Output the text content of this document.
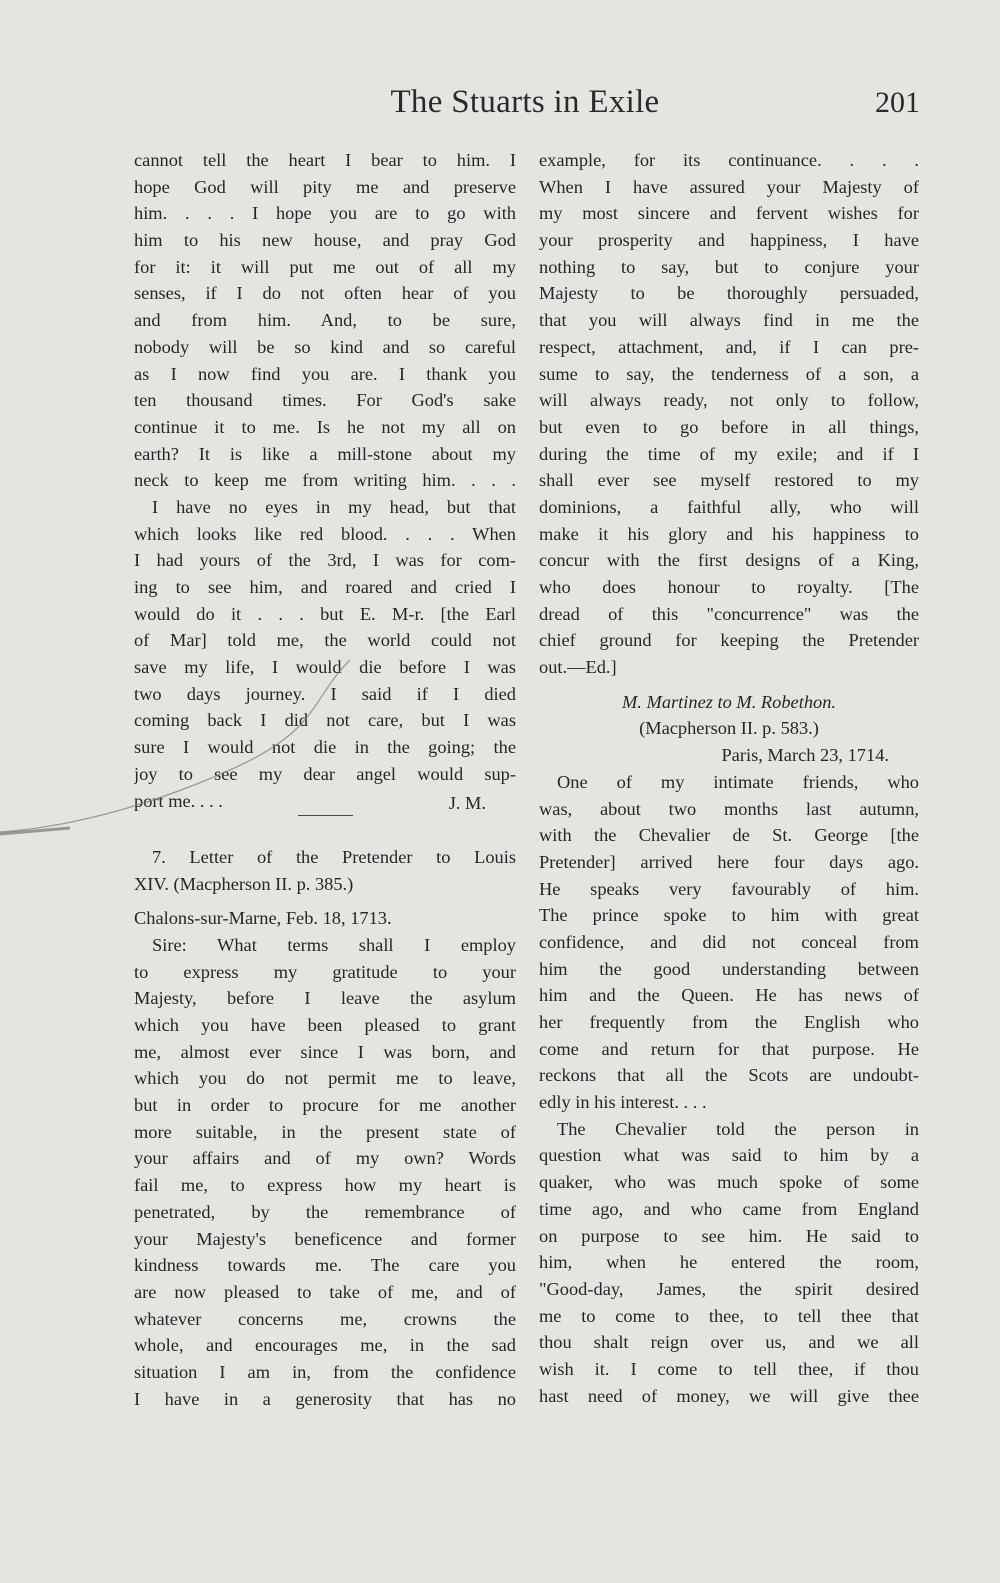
The Stuarts in Exile	201
cannot tell the heart I bear to him. I
hope God will pity me and preserve
him. . . . I hope you are to go with
him to his new house, and pray God
for it: it will put me out of all my
senses, if I do not often hear of you
and from him. And, to be sure,
nobody will be so kind and so careful
as I now find you are. I thank you
ten thousand times. For God's sake
continue it to me. Is he not my all on
earth? It is like a mill-stone about my
neck to keep me from writing him. . . .
I have no eyes in my head, but that
which looks like red blood. . . . When
I had yours of the 3rd, I was for com-
ing to see him, and roared and cried I
would do it . . . but E. M-r. [the Earl
of Mar] told me, the world could not
save my life, I would die before I was
two days journey. I said if I died
coming back I did not care, but I was
sure I would not die in the going; the
joy to see my dear angel would sup-
port me. . . .	J. M.
7. Letter of the Pretender to Louis
XIV. (Macpherson II. p. 385.)
Chalons-sur-Marne, Feb. 18, 1713.
Sire: What terms shall I employ
to express my gratitude to your
Majesty, before I leave the asylum
which you have been pleased to grant
me, almost ever since I was born, and
which you do not permit me to leave,
but in order to procure for me another
more suitable, in the present state of
your affairs and of my own? Words
fail me, to express how my heart is
penetrated, by the remembrance of
your Majesty's beneficence and former
kindness towards me. The care you
are now pleased to take of me, and of
whatever concerns me, crowns the
whole, and encourages me, in the sad
situation I am in, from the confidence
I have in a generosity that has no
example, for its continuance. . . .
When I have assured your Majesty of
my most sincere and fervent wishes for
your prosperity and happiness, I have
nothing to say, but to conjure your
Majesty to be thoroughly persuaded,
that you will always find in me the
respect, attachment, and, if I can pre-
sume to say, the tenderness of a son, a
will always ready, not only to follow,
but even to go before in all things,
during the time of my exile; and if I
shall ever see myself restored to my
dominions, a faithful ally, who will
make it his glory and his happiness to
concur with the first designs of a King,
who does honour to royalty. [The
dread of this "concurrence" was the
chief ground for keeping the Pretender
out.—Ed.]
M. Martinez to M. Robethon.
(Macpherson II. p. 583.)
Paris, March 23, 1714.
One of my intimate friends, who
was, about two months last autumn,
with the Chevalier de St. George [the
Pretender] arrived here four days ago.
He speaks very favourably of him.
The prince spoke to him with great
confidence, and did not conceal from
him the good understanding between
him and the Queen. He has news of
her frequently from the English who
come and return for that purpose. He
reckons that all the Scots are undoubt-
edly in his interest. . . .
The Chevalier told the person in
question what was said to him by a
quaker, who was much spoke of some
time ago, and who came from England
on purpose to see him. He said to
him, when he entered the room,
"Good-day, James, the spirit desired
me to come to thee, to tell thee that
thou shalt reign over us, and we all
wish it. I come to tell thee, if thou
hast need of money, we will give thee
